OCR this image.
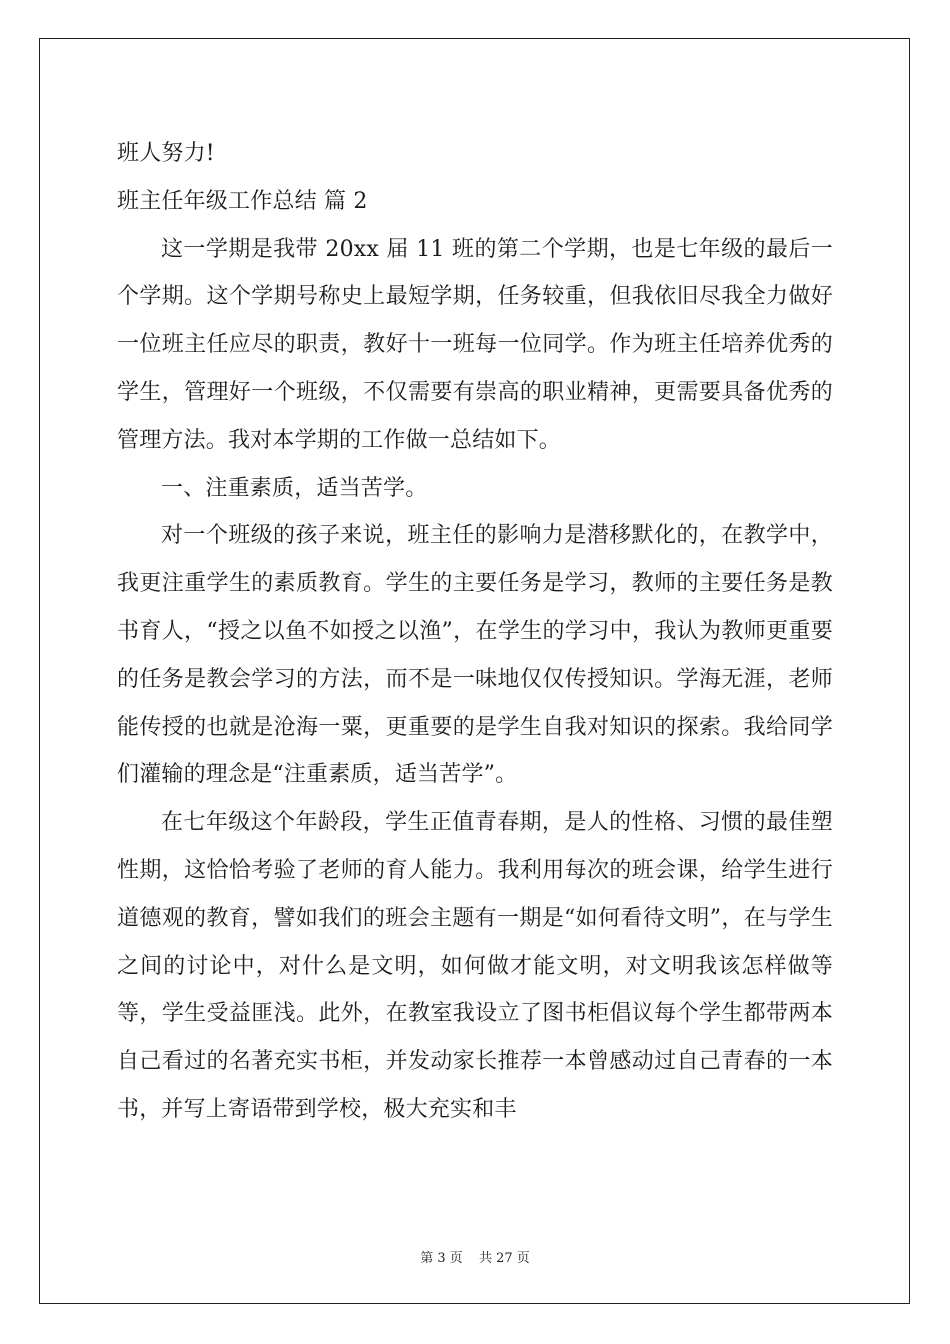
班人努力!

班主任年级工作总结 篇 2

这一学期是我带 20xx 届 11 班的第二个学期，也是七年级的最后一个学期。这个学期号称史上最短学期，任务较重，但我依旧尽我全力做好一位班主任应尽的职责，教好十一班每一位同学。作为班主任培养优秀的学生，管理好一个班级，不仅需要有崇高的职业精神，更需要具备优秀的管理方法。我对本学期的工作做一总结如下。

一、注重素质，适当苦学。

对一个班级的孩子来说，班主任的影响力是潜移默化的，在教学中，我更注重学生的素质教育。学生的主要任务是学习，教师的主要任务是教书育人，“授之以鱼不如授之以渔”，在学生的学习中，我认为教师更重要的任务是教会学习的方法，而不是一味地仅仅传授知识。学海无涯，老师能传授的也就是沧海一粟，更重要的是学生自我对知识的探索。我给同学们灌输的理念是“注重素质，适当苦学”。

在七年级这个年龄段，学生正值青春期，是人的性格、习惯的最佳塑性期，这恰恰考验了老师的育人能力。我利用每次的班会课，给学生进行道德观的教育，譬如我们的班会主题有一期是“如何看待文明”，在与学生之间的讨论中，对什么是文明，如何做才能文明，对文明我该怎样做等等，学生受益匪浅。此外，在教室我设立了图书柜倡议每个学生都带两本自己看过的名著充实书柜，并发动家长推荐一本曾感动过自己青春的一本书，并写上寄语带到学校，极大充实和丰

第 3 页 共 27 页
